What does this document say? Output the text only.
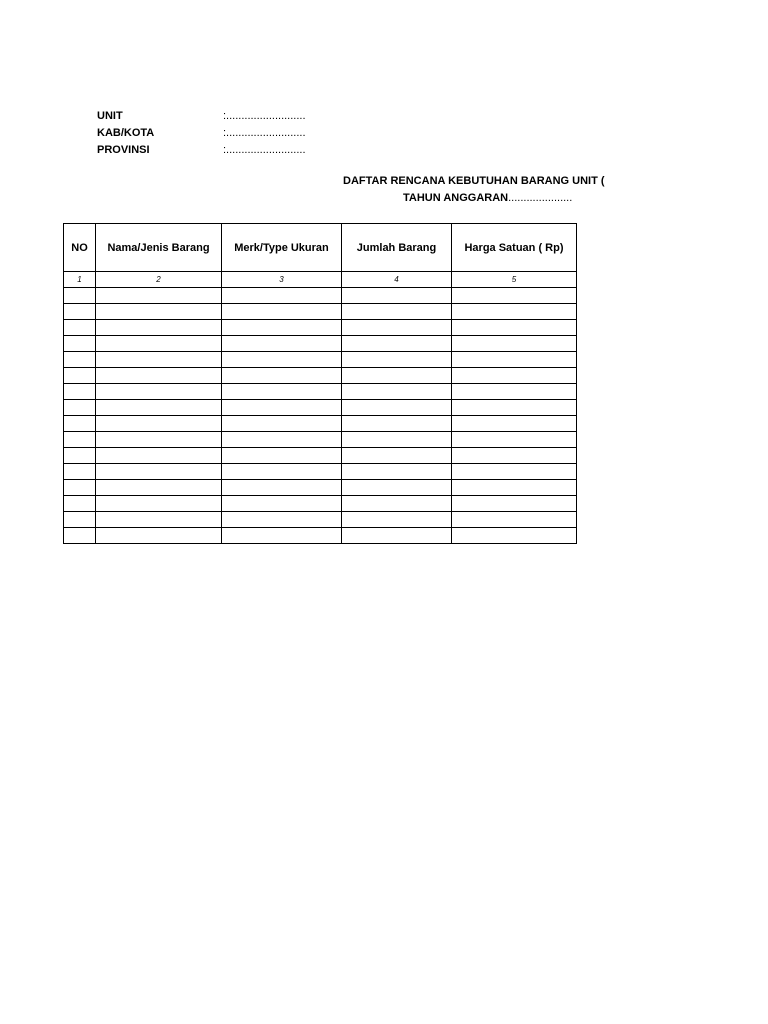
UNIT	:..........................
KAB/KOTA	:..........................
PROVINSI	:..........................
DAFTAR RENCANA KEBUTUHAN BARANG UNIT (
TAHUN ANGGARAN.....................
NO	Nama/Jenis Barang	Merk/Type Ukuran	Jumlah Barang	Harga Satuan ( Rp)
1	2	3	4	5
